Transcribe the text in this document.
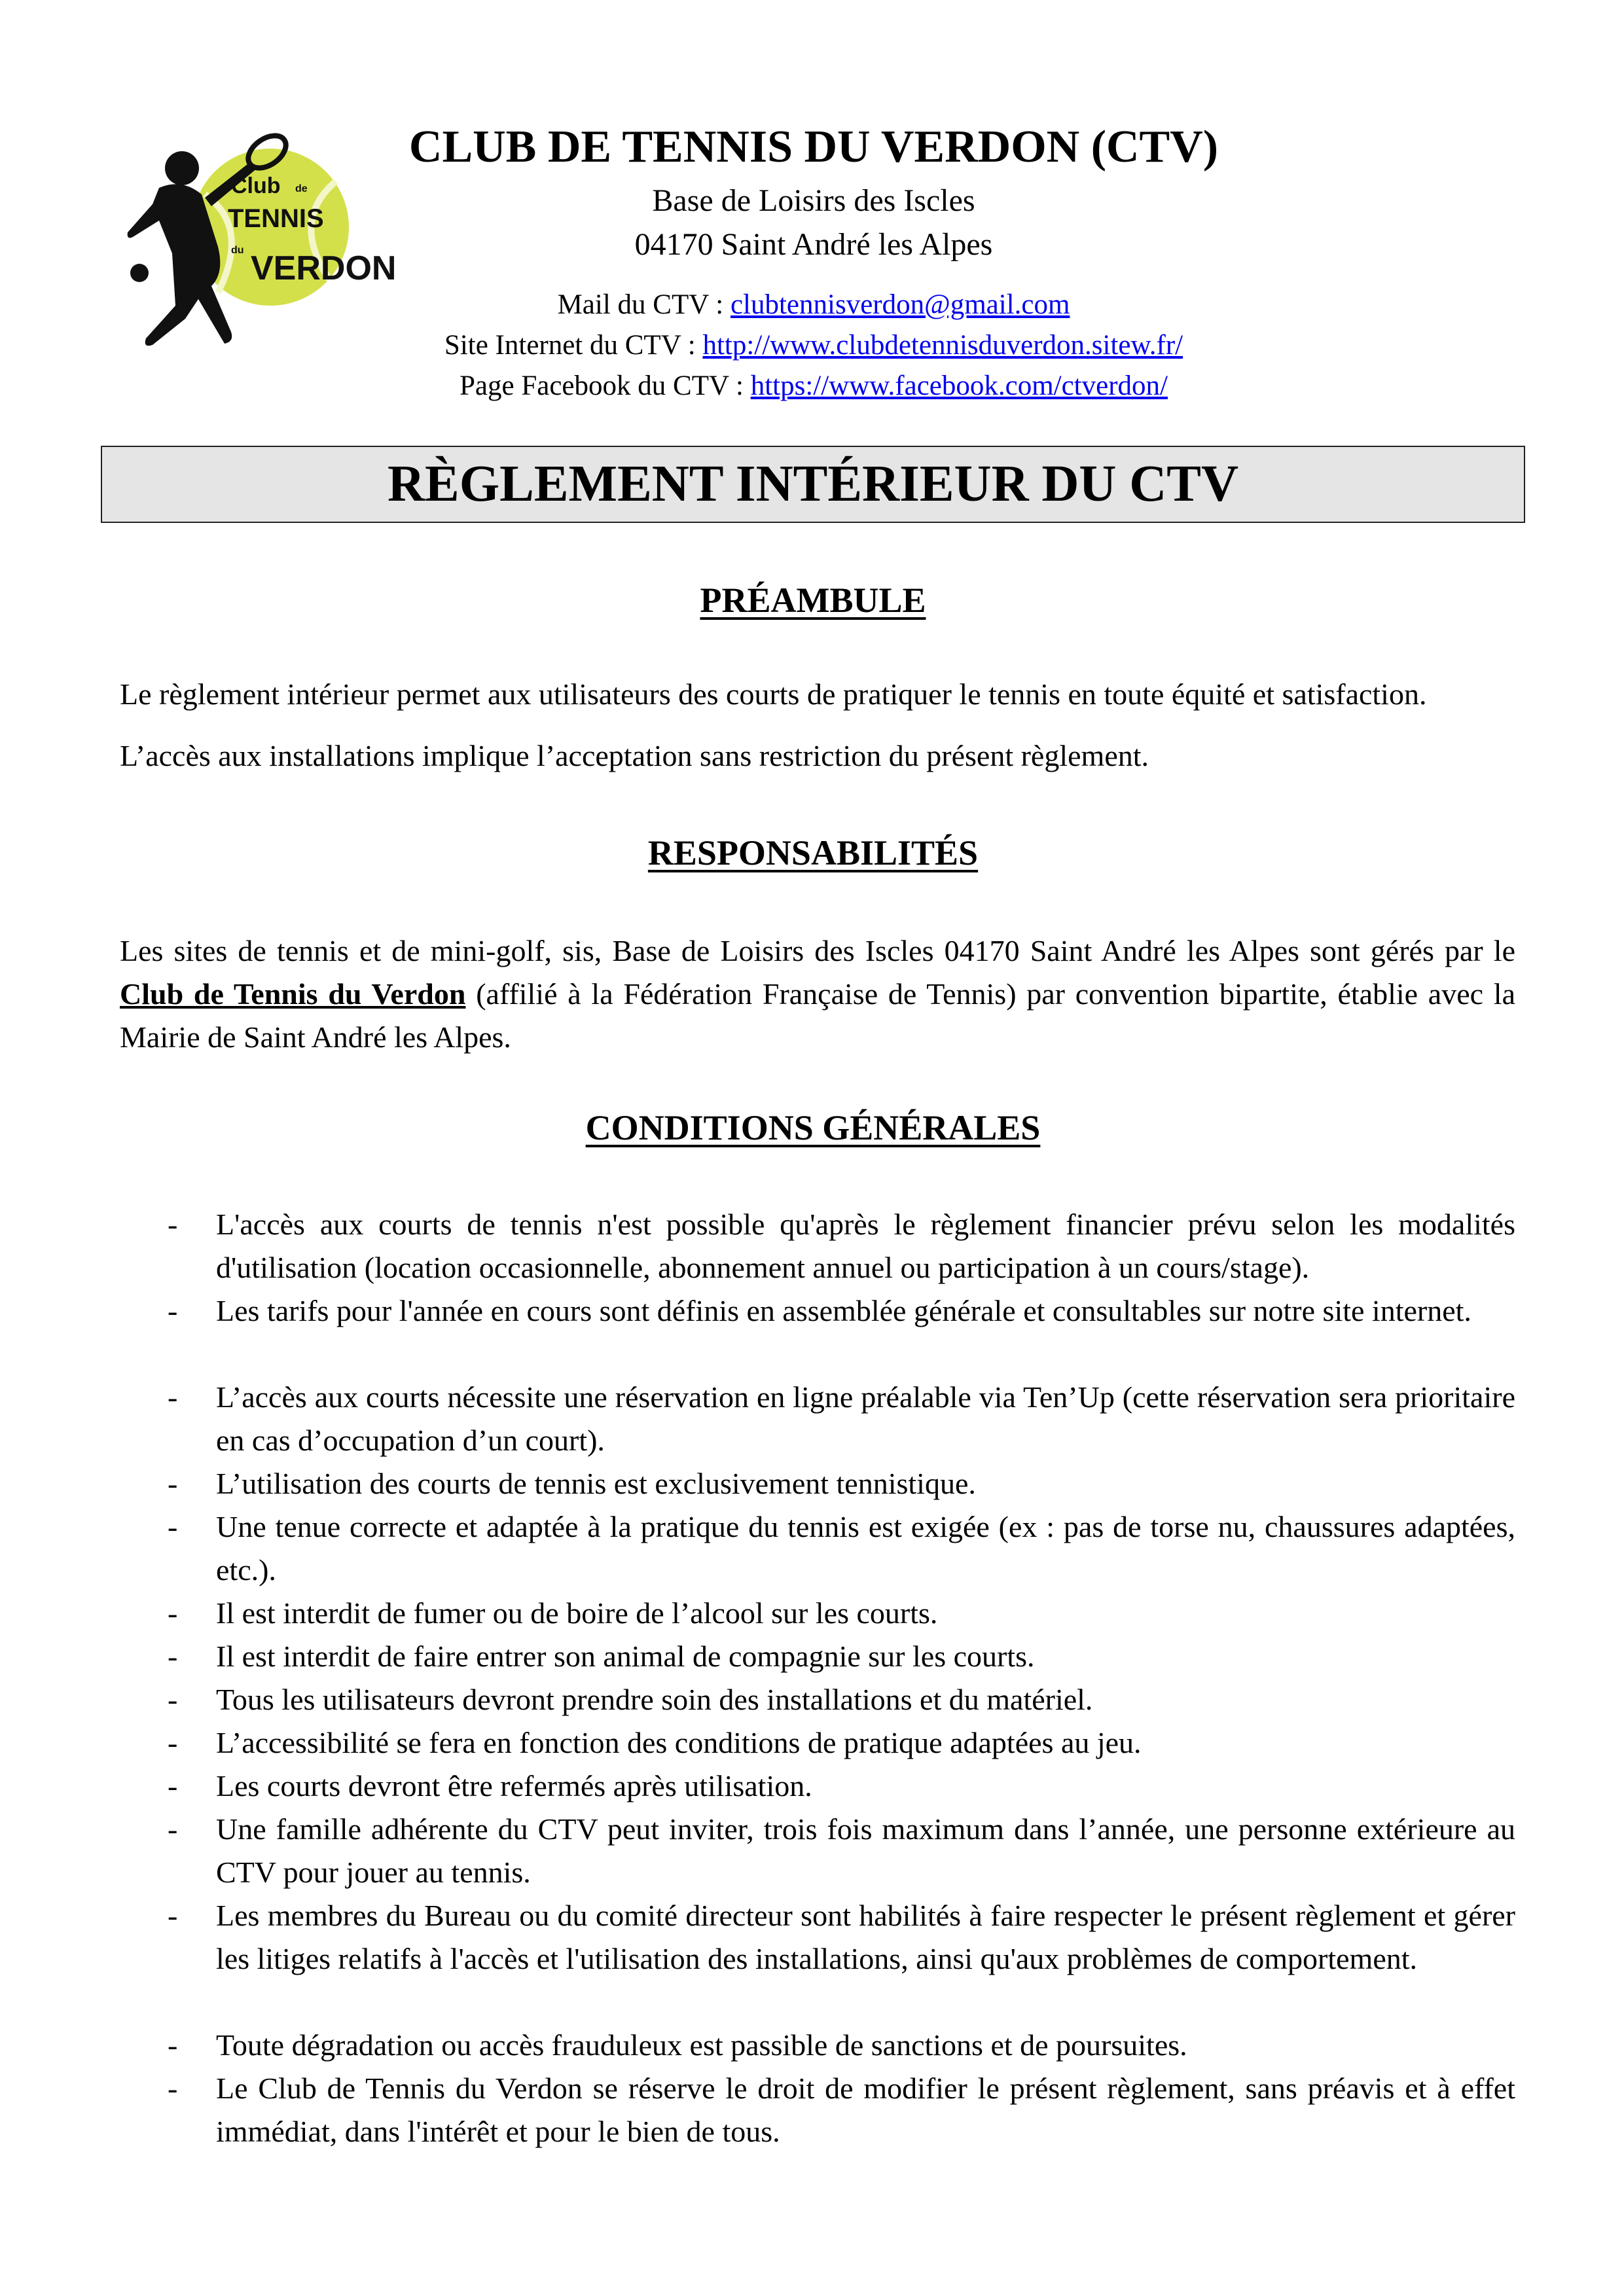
Club de
TENNIS
du VERDON
CLUB DE TENNIS DU VERDON (CTV)
Base de Loisirs des Iscles
04170 Saint André les Alpes
Mail du CTV : clubtennisverdon@gmail.com
Site Internet du CTV : http://www.clubdetennisduverdon.sitew.fr/
Page Facebook du CTV : https://www.facebook.com/ctverdon/
RÈGLEMENT INTÉRIEUR DU CTV
PRÉAMBULE
Le règlement intérieur permet aux utilisateurs des courts de pratiquer le tennis en toute équité et satisfaction.
L’accès aux installations implique l’acceptation sans restriction du présent règlement.
RESPONSABILITÉS
Les sites de tennis et de mini-golf, sis, Base de Loisirs des Iscles 04170 Saint André les Alpes sont gérés par le Club de Tennis du Verdon (affilié à la Fédération Française de Tennis) par convention bipartite, établie avec la Mairie de Saint André les Alpes.
CONDITIONS GÉNÉRALES
- L'accès aux courts de tennis n'est possible qu'après le règlement financier prévu selon les modalités d'utilisation (location occasionnelle, abonnement annuel ou participation à un cours/stage).
- Les tarifs pour l'année en cours sont définis en assemblée générale et consultables sur notre site internet.
- L’accès aux courts nécessite une réservation en ligne préalable via Ten’Up (cette réservation sera prioritaire en cas d’occupation d’un court).
- L’utilisation des courts de tennis est exclusivement tennistique.
- Une tenue correcte et adaptée à la pratique du tennis est exigée (ex : pas de torse nu, chaussures adaptées, etc.).
- Il est interdit de fumer ou de boire de l’alcool sur les courts.
- Il est interdit de faire entrer son animal de compagnie sur les courts.
- Tous les utilisateurs devront prendre soin des installations et du matériel.
- L’accessibilité se fera en fonction des conditions de pratique adaptées au jeu.
- Les courts devront être refermés après utilisation.
- Une famille adhérente du CTV peut inviter, trois fois maximum dans l’année, une personne extérieure au CTV pour jouer au tennis.
- Les membres du Bureau ou du comité directeur sont habilités à faire respecter le présent règlement et gérer les litiges relatifs à l'accès et l'utilisation des installations, ainsi qu'aux problèmes de comportement.
- Toute dégradation ou accès frauduleux est passible de sanctions et de poursuites.
- Le Club de Tennis du Verdon se réserve le droit de modifier le présent règlement, sans préavis et à effet immédiat, dans l'intérêt et pour le bien de tous.
